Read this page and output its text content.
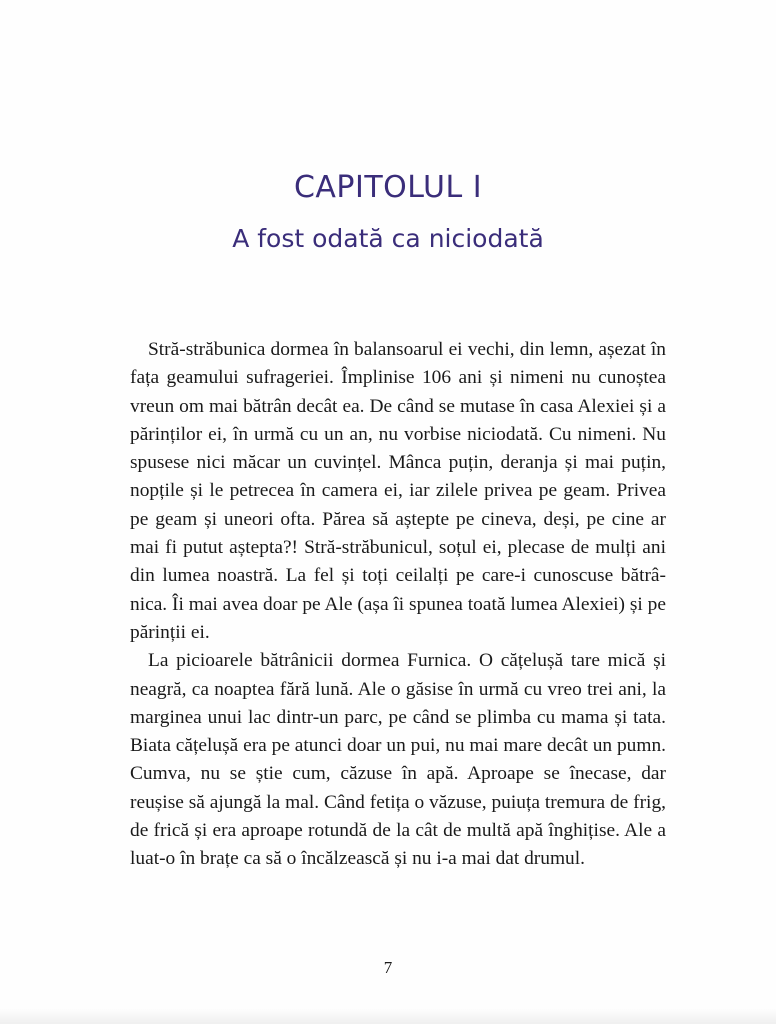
CAPITOLUL I
A fost odată ca niciodată

Stră-străbunica dormea în balansoarul ei vechi, din lemn, așezat în fața geamului sufrageriei. Împlinise 106 ani și nimeni nu cunoștea vreun om mai bătrân decât ea. De când se mutase în casa Alexiei și a părinților ei, în urmă cu un an, nu vorbise niciodată. Cu nimeni. Nu spusese nici măcar un cuvințel. Mânca puțin, deranja și mai puțin, nopțile și le petrecea în camera ei, iar zilele privea pe geam. Privea pe geam și uneori ofta. Părea să aștepte pe cineva, deși, pe cine ar mai fi putut aștepta?! Stră-străbunicul, soțul ei, plecase de mulți ani din lumea noastră. La fel și toți ceilalți pe care-i cunoscuse bătrânica. Îi mai avea doar pe Ale (așa îi spunea toată lumea Alexiei) și pe părinții ei.

La picioarele bătrânicii dormea Furnica. O cățelușă tare mică și neagră, ca noaptea fără lună. Ale o găsise în urmă cu vreo trei ani, la marginea unui lac dintr-un parc, pe când se plimba cu mama și tata. Biata cățelușă era pe atunci doar un pui, nu mai mare decât un pumn. Cumva, nu se știe cum, căzuse în apă. Aproape se înecase, dar reușise să ajungă la mal. Când fetița o văzuse, puiuța tremura de frig, de frică și era aproape rotundă de la cât de multă apă înghițise. Ale a luat-o în brațe ca să o încălzească și nu i-a mai dat drumul.

7
